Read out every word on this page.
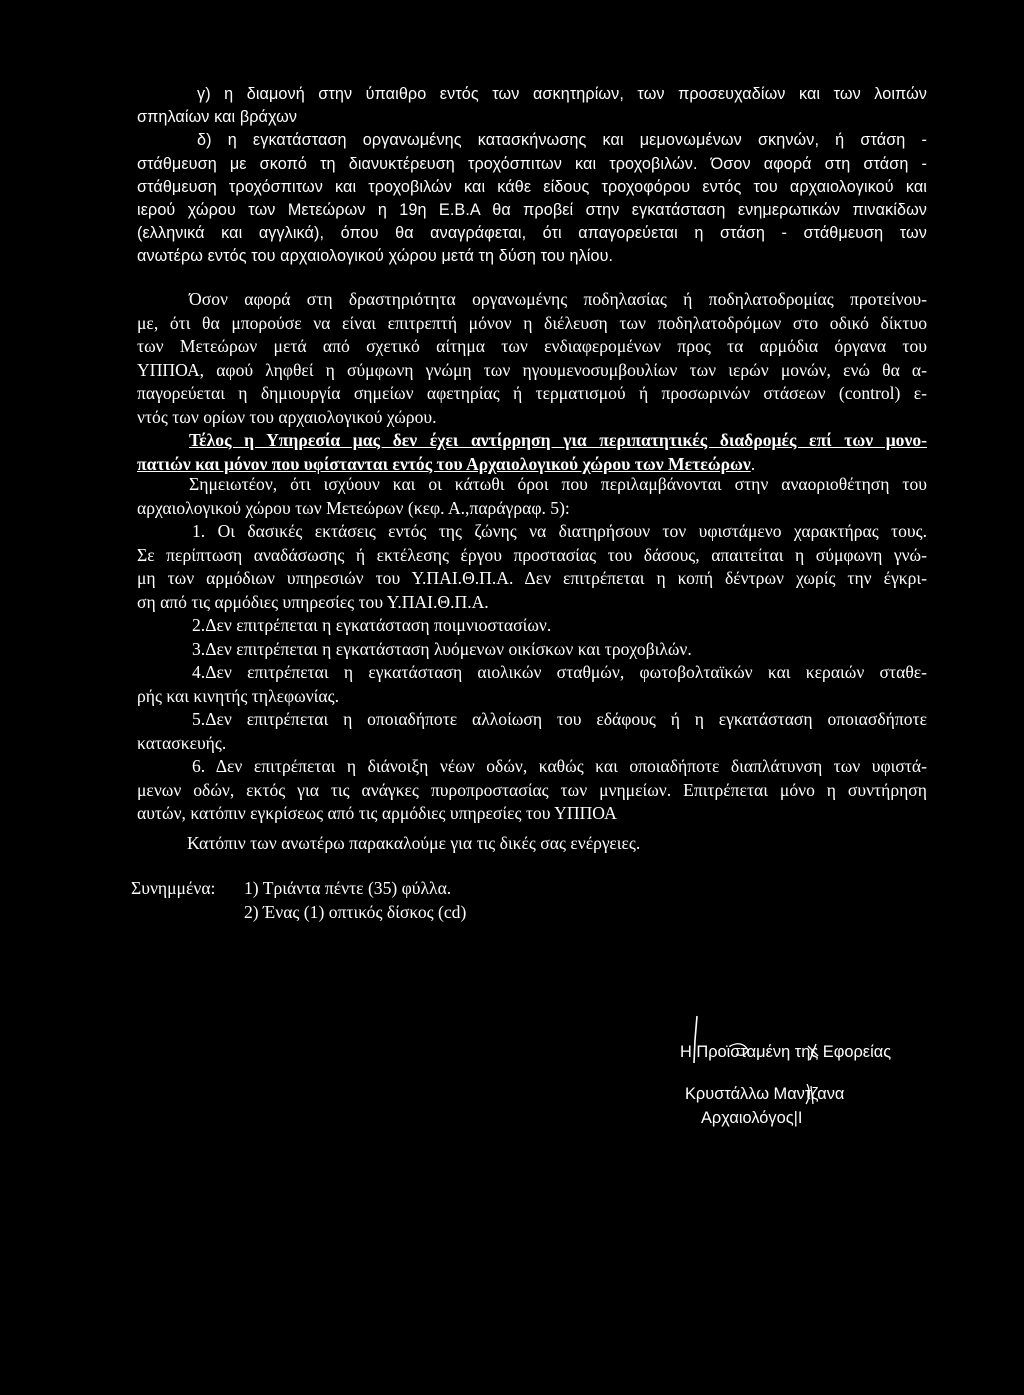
γ) η διαμονή στην ύπαιθρο εντός των ασκητηρίων, των προσευχαδίων και των λοιπών
σπηλαίων και βράχων
δ) η εγκατάσταση οργανωμένης κατασκήνωσης και μεμονωμένων σκηνών, ή στάση -
στάθμευση με σκοπό τη διανυκτέρευση τροχόσπιτων και τροχοβιλών. Όσον αφορά στη στάση -
στάθμευση τροχόσπιτων και τροχοβιλών και κάθε είδους τροχοφόρου εντός του αρχαιολογικού και
ιερού χώρου των Μετεώρων η 19η Ε.Β.Α θα προβεί στην εγκατάσταση ενημερωτικών πινακίδων
(ελληνικά και αγγλικά), όπου θα αναγράφεται, ότι απαγορεύεται η στάση - στάθμευση των
ανωτέρω εντός του αρχαιολογικού χώρου μετά τη δύση του ηλίου.
Όσον αφορά στη δραστηριότητα οργανωμένης ποδηλασίας ή ποδηλατοδρομίας προτείνου-
με, ότι θα μπορούσε να είναι επιτρεπτή μόνον η διέλευση των ποδηλατοδρόμων στο οδικό δίκτυο
των Μετεώρων μετά από σχετικό αίτημα των ενδιαφερομένων προς τα αρμόδια όργανα του
ΥΠΠΟΑ, αφού ληφθεί η σύμφωνη γνώμη των ηγουμενοσυμβουλίων των ιερών μονών, ενώ θα α-
παγορεύεται η δημιουργία σημείων αφετηρίας ή τερματισμού ή προσωρινών στάσεων (control) ε-
ντός των ορίων του αρχαιολογικού χώρου.
Τέλος η Υπηρεσία μας δεν έχει αντίρρηση για περιπατητικές διαδρομές επί των μονο-
πατιών και μόνον που υφίστανται εντός του Αρχαιολογικού χώρου των Μετεώρων.
Σημειωτέον, ότι ισχύουν και οι κάτωθι όροι που περιλαμβάνονται στην αναοριοθέτηση του
αρχαιολογικού χώρου των Μετεώρων (κεφ. Α.,παράγραφ. 5):
1. Οι δασικές εκτάσεις εντός της ζώνης να διατηρήσουν τον υφιστάμενο χαρακτήρας τους.
Σε περίπτωση αναδάσωσης ή εκτέλεσης έργου προστασίας του δάσους, απαιτείται η σύμφωνη γνώ-
μη των αρμόδιων υπηρεσιών του Υ.ΠΑΙ.Θ.Π.Α. Δεν επιτρέπεται η κοπή δέντρων χωρίς την έγκρι-
ση από τις αρμόδιες υπηρεσίες του Υ.ΠΑΙ.Θ.Π.Α.
2.Δεν επιτρέπεται η εγκατάσταση ποιμνιοστασίων.
3.Δεν επιτρέπεται η εγκατάσταση λυόμενων οικίσκων και τροχοβιλών.
4.Δεν επιτρέπεται η εγκατάσταση αιολικών σταθμών, φωτοβολταϊκών και κεραιών σταθε-
ρής και κινητής τηλεφωνίας.
5.Δεν επιτρέπεται η οποιαδήποτε αλλοίωση του εδάφους ή η εγκατάσταση οποιασδήποτε
κατασκευής.
6. Δεν επιτρέπεται η διάνοιξη νέων οδών, καθώς και οποιαδήποτε διαπλάτυνση των υφιστά-
μενων οδών, εκτός για τις ανάγκες πυροπροστασίας των μνημείων. Επιτρέπεται μόνο η συντήρηση
αυτών, κατόπιν εγκρίσεως από τις αρμόδιες υπηρεσίες του ΥΠΠΟΑ
Κατόπιν των ανωτέρω παρακαλούμε για τις δικές σας ενέργειες.
Συνημμένα: 1) Τριάντα πέντε (35) φύλλα.
2) Ένας (1) οπτικός δίσκος (cd)
Η Προϊσταμένη της Εφορείας
Κρυστάλλω Μαντζανα
Αρχαιολόγος|Ι
